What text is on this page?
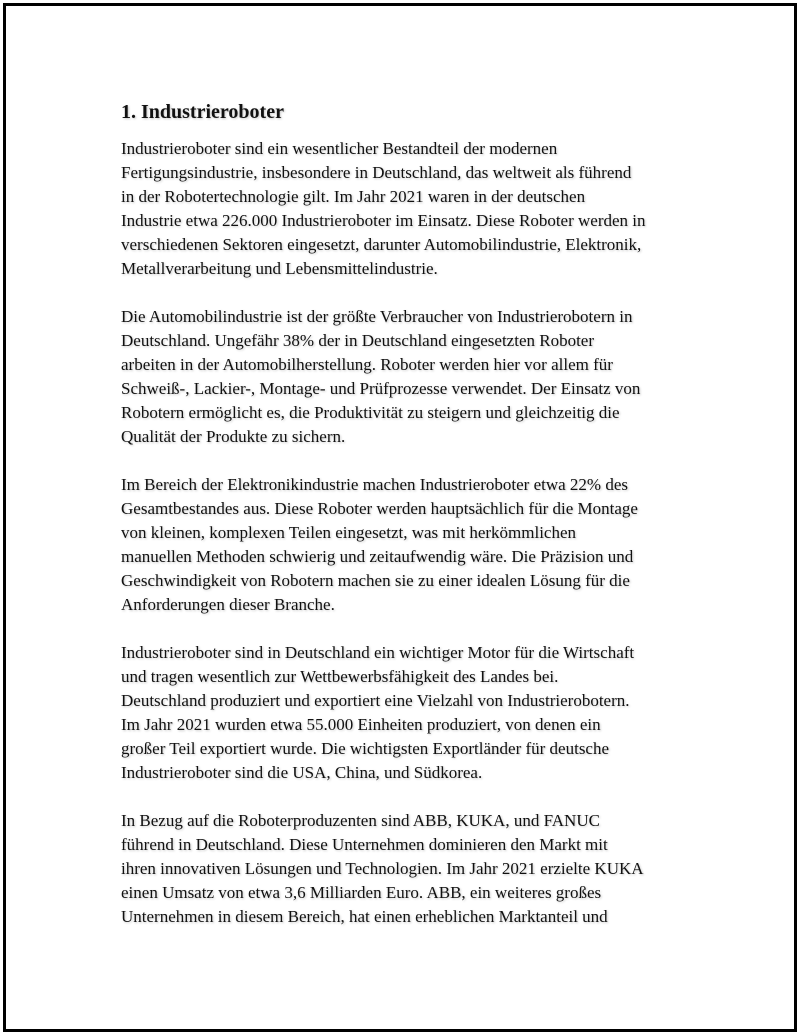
1. Industrieroboter

Industrieroboter sind ein wesentlicher Bestandteil der modernen
Fertigungsindustrie, insbesondere in Deutschland, das weltweit als führend
in der Robotertechnologie gilt. Im Jahr 2021 waren in der deutschen
Industrie etwa 226.000 Industrieroboter im Einsatz. Diese Roboter werden in
verschiedenen Sektoren eingesetzt, darunter Automobilindustrie, Elektronik,
Metallverarbeitung und Lebensmittelindustrie.

Die Automobilindustrie ist der größte Verbraucher von Industrierobotern in
Deutschland. Ungefähr 38% der in Deutschland eingesetzten Roboter
arbeiten in der Automobilherstellung. Roboter werden hier vor allem für
Schweiß-, Lackier-, Montage- und Prüfprozesse verwendet. Der Einsatz von
Robotern ermöglicht es, die Produktivität zu steigern und gleichzeitig die
Qualität der Produkte zu sichern.

Im Bereich der Elektronikindustrie machen Industrieroboter etwa 22% des
Gesamtbestandes aus. Diese Roboter werden hauptsächlich für die Montage
von kleinen, komplexen Teilen eingesetzt, was mit herkömmlichen
manuellen Methoden schwierig und zeitaufwendig wäre. Die Präzision und
Geschwindigkeit von Robotern machen sie zu einer idealen Lösung für die
Anforderungen dieser Branche.

Industrieroboter sind in Deutschland ein wichtiger Motor für die Wirtschaft
und tragen wesentlich zur Wettbewerbsfähigkeit des Landes bei.
Deutschland produziert und exportiert eine Vielzahl von Industrierobotern.
Im Jahr 2021 wurden etwa 55.000 Einheiten produziert, von denen ein
großer Teil exportiert wurde. Die wichtigsten Exportländer für deutsche
Industrieroboter sind die USA, China, und Südkorea.

In Bezug auf die Roboterproduzenten sind ABB, KUKA, und FANUC
führend in Deutschland. Diese Unternehmen dominieren den Markt mit
ihren innovativen Lösungen und Technologien. Im Jahr 2021 erzielte KUKA
einen Umsatz von etwa 3,6 Milliarden Euro. ABB, ein weiteres großes
Unternehmen in diesem Bereich, hat einen erheblichen Marktanteil und
